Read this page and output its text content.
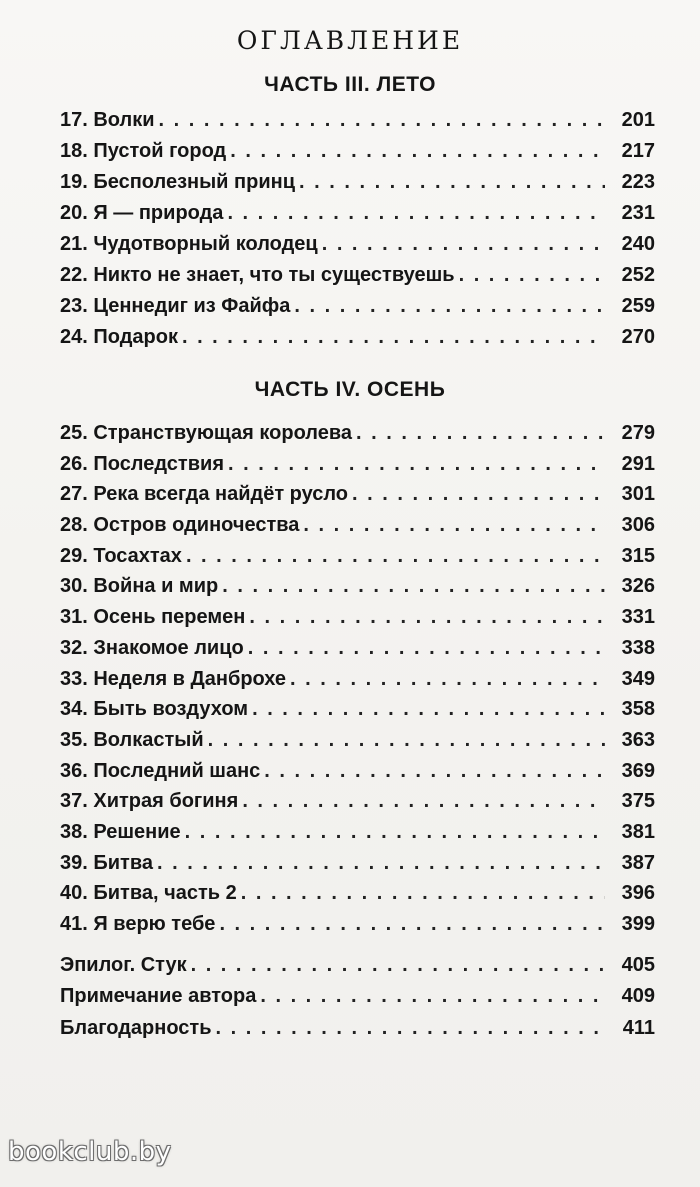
ОГЛАВЛЕНИЕ
ЧАСТЬ III. ЛЕТО
17. Волки . . .	201
18. Пустой город . . .	217
19. Бесполезный принц . . .	223
20. Я — природа . . .	231
21. Чудотворный колодец . . .	240
22. Никто не знает, что ты существуешь . . .	252
23. Ценнедиг из Файфа . . .	259
24. Подарок . . .	270
ЧАСТЬ IV. ОСЕНЬ
25. Странствующая королева . . .	279
26. Последствия . . .	291
27. Река всегда найдёт русло . . .	301
28. Остров одиночества . . .	306
29. Тосахтах . . .	315
30. Война и мир . . .	326
31. Осень перемен . . .	331
32. Знакомое лицо . . .	338
33. Неделя в Данброхе . . .	349
34. Быть воздухом . . .	358
35. Волкастый . . .	363
36. Последний шанс . . .	369
37. Хитрая богиня . . .	375
38. Решение . . .	381
39. Битва . . .	387
40. Битва, часть 2 . . .	396
41. Я верю тебе . . .	399
Эпилог. Стук . . .	405
Примечание автора . . .	409
Благодарность . . .	411
bookclub.by
